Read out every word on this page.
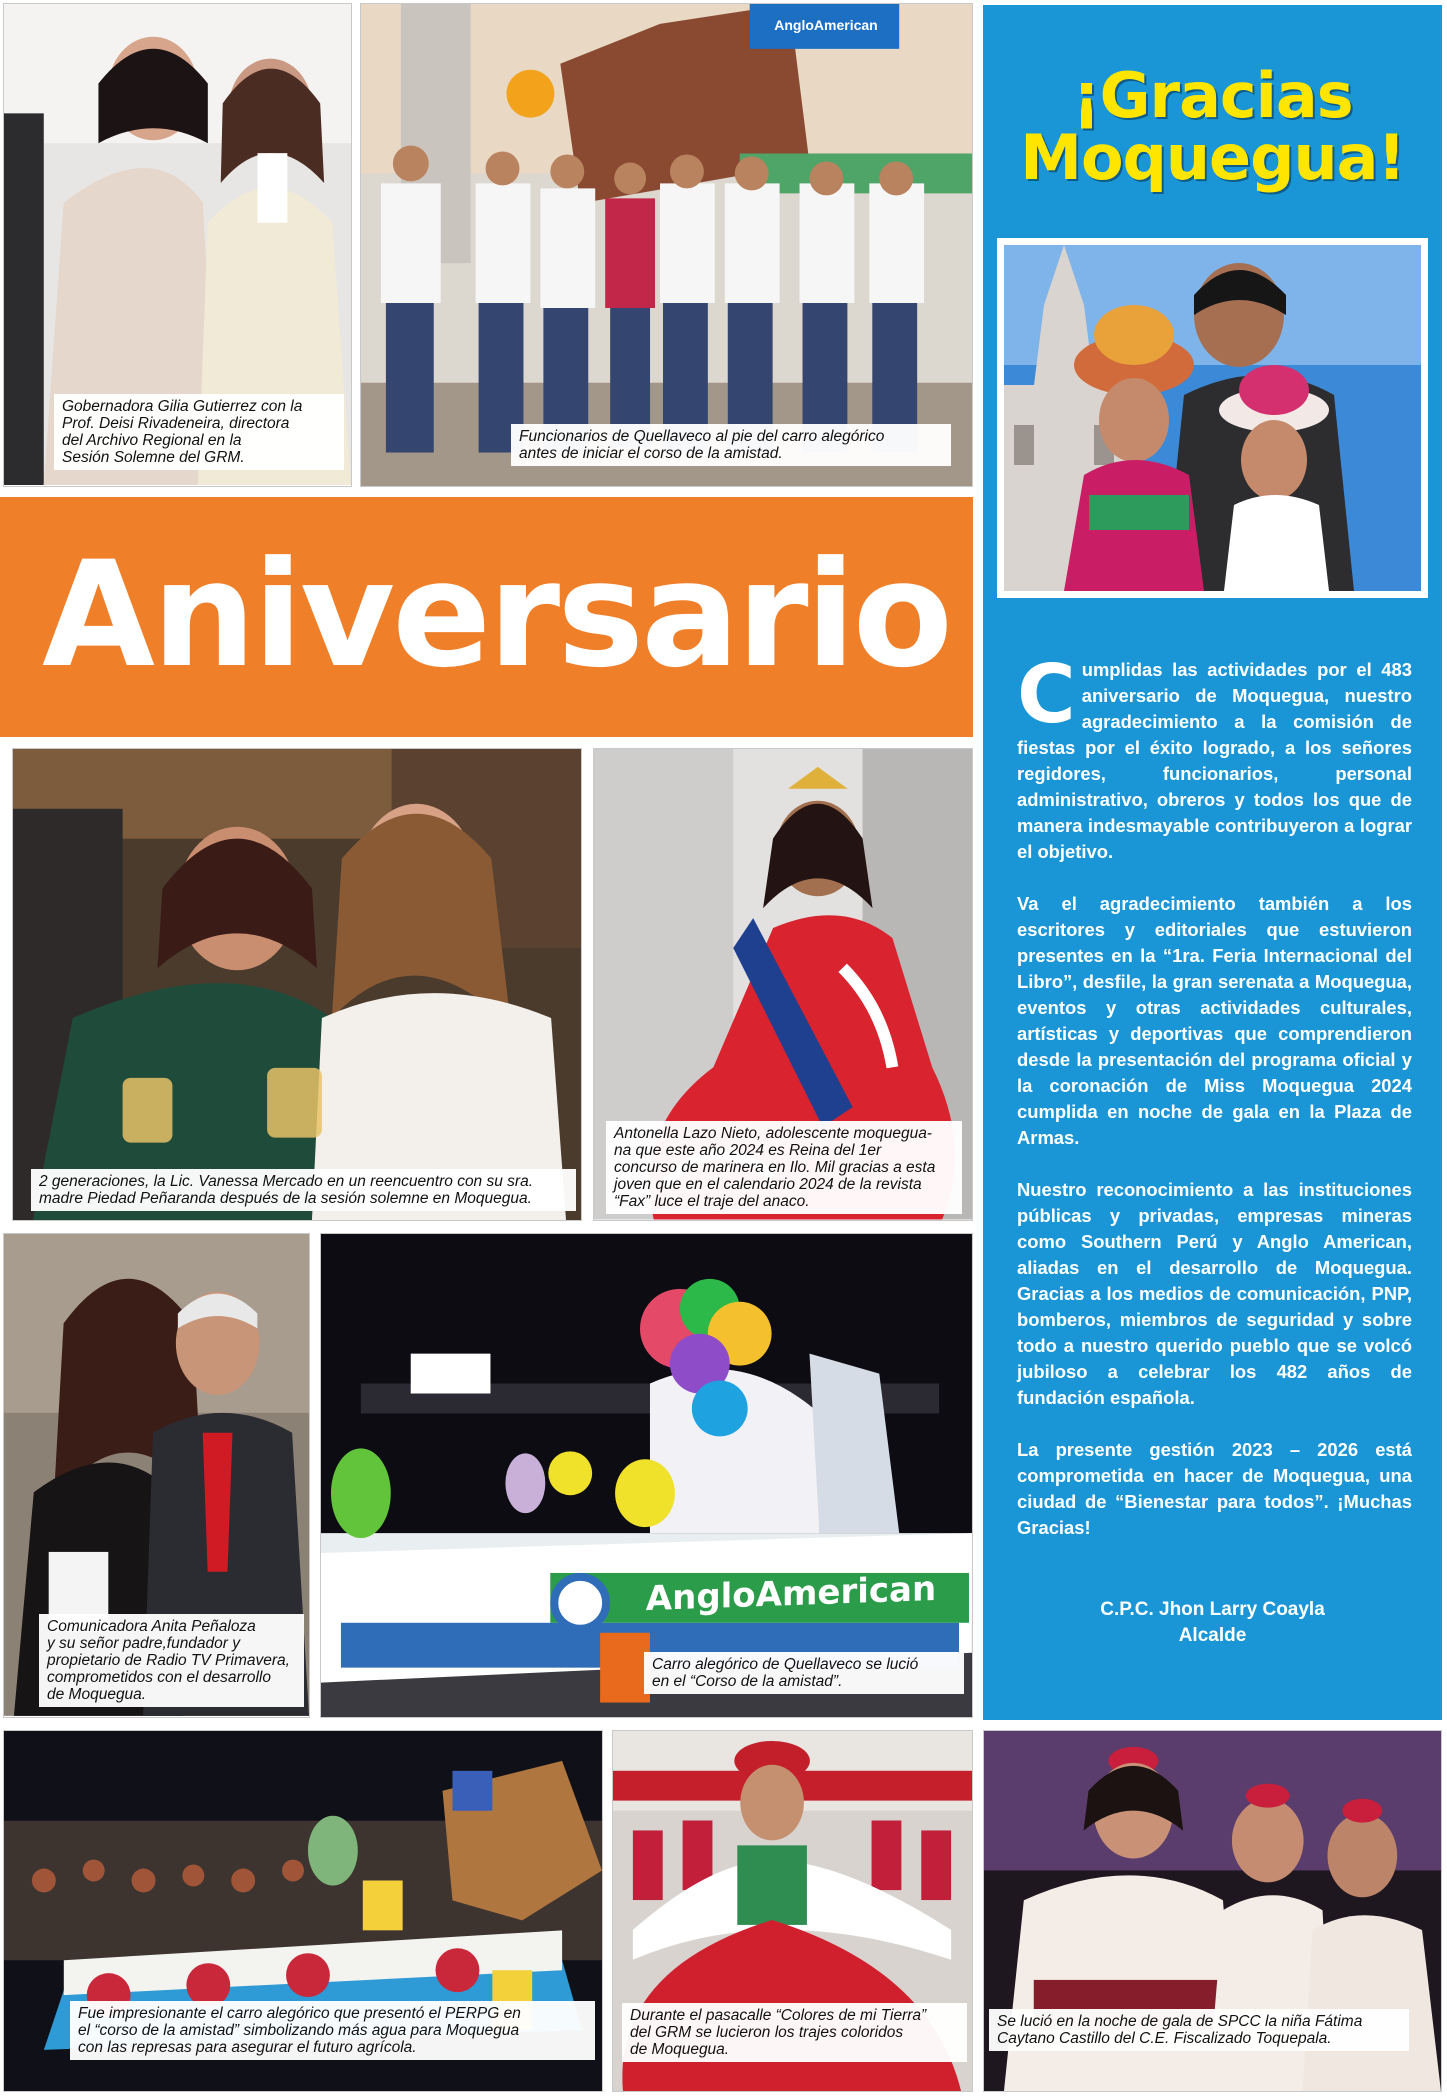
Gobernadora Gilia Gutierrez con la

Prof. Deisi Rivadeneira, directora

del Archivo Regional en la

Sesión Solemne del GRM.

AngloAmerican

Funcionarios de Quellaveco al pie del carro alegórico

antes de iniciar el corso de la amistad.

Aniversario
¡Gracias
Moquegua!

Cumplidas las actividades por el 483 aniversario de Moquegua, nuestro agradecimiento a la comisión de fiestas por el éxito logrado, a los señores regidores, funcionarios, personal administrativo, obreros y todos los que de manera indesmayable contribuyeron a lograr el objetivo.

Va el agradecimiento también a los escritores y editoriales que estuvieron presentes en la “1ra. Feria Internacional del Libro”, desfile, la gran serenata a Moquegua, eventos y otras actividades culturales, artísticas y deportivas que comprendieron desde la presentación del programa oficial y la coronación de Miss Moquegua 2024 cumplida en noche de gala en la Plaza de Armas.

Nuestro reconocimiento a las instituciones públicas y privadas, empresas mineras como Southern Perú y Anglo American, aliadas en el desarrollo de Moquegua. Gracias a los medios de comunicación, PNP, bomberos, miembros de seguridad y sobre todo a nuestro querido pueblo que se volcó jubiloso a celebrar los 482 años de fundación española.

La presente gestión 2023 – 2026 está comprometida en hacer de Moquegua, una ciudad de “Bienestar para todos”. ¡Muchas Gracias!

C.P.C. Jhon Larry Coayla
Alcalde

2 generaciones, la Lic. Vanessa Mercado en un reencuentro con su sra.

madre Piedad Peñaranda después de la sesión solemne en Moquegua.

Antonella Lazo Nieto, adolescente moquegua-

na que este año 2024 es Reina del 1er

concurso de marinera en Ilo. Mil gracias a esta

joven que en el calendario 2024 de la revista

“Fax” luce el traje del anaco.

Comunicadora Anita Peñaloza

y su señor padre,fundador y

propietario de Radio TV Primavera,

comprometidos con el desarrollo

de Moquegua.

AngloAmerican

Carro alegórico de Quellaveco se lució

en el “Corso de la amistad”.

Fue impresionante el carro alegórico que presentó el PERPG en

el “corso de la amistad” simbolizando más agua para Moquegua

con las represas para asegurar el futuro agrícola.

Durante el pasacalle “Colores de mi Tierra”

del GRM se lucieron los trajes coloridos

de Moquegua.

Se lució en la noche de gala de SPCC la niña Fátima

Caytano Castillo del C.E. Fiscalizado Toquepala.
